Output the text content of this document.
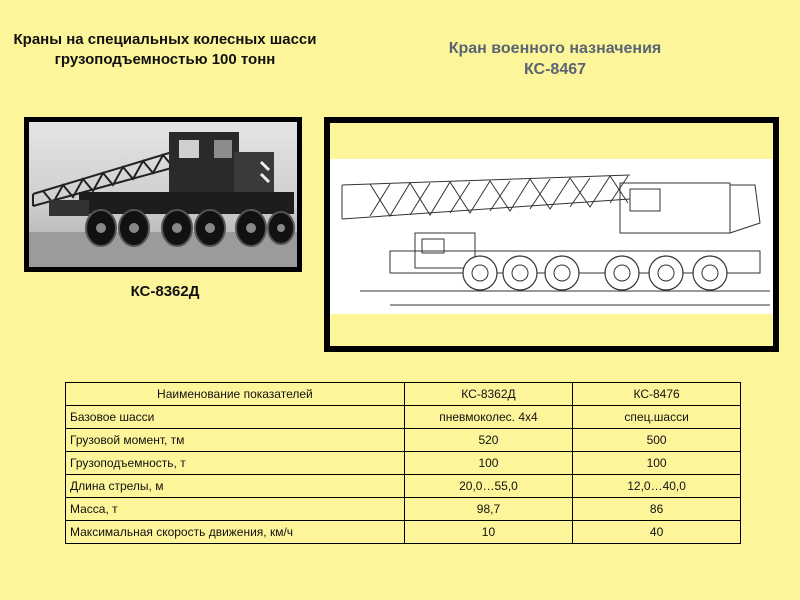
Краны на специальных колесных шасси грузоподъемностью 100 тонн
Кран военного назначения КС-8467
КС-8362Д
Наименование показателей	КС-8362Д	КС-8476
Базовое шасси	пневмоколес. 4х4	спец.шасси
Грузовой момент, тм	520	500
Грузоподъемность, т	100	100
Длина стрелы, м	20,0…55,0	12,0…40,0
Масса, т	98,7	86
Максимальная скорость движения, км/ч	10	40
